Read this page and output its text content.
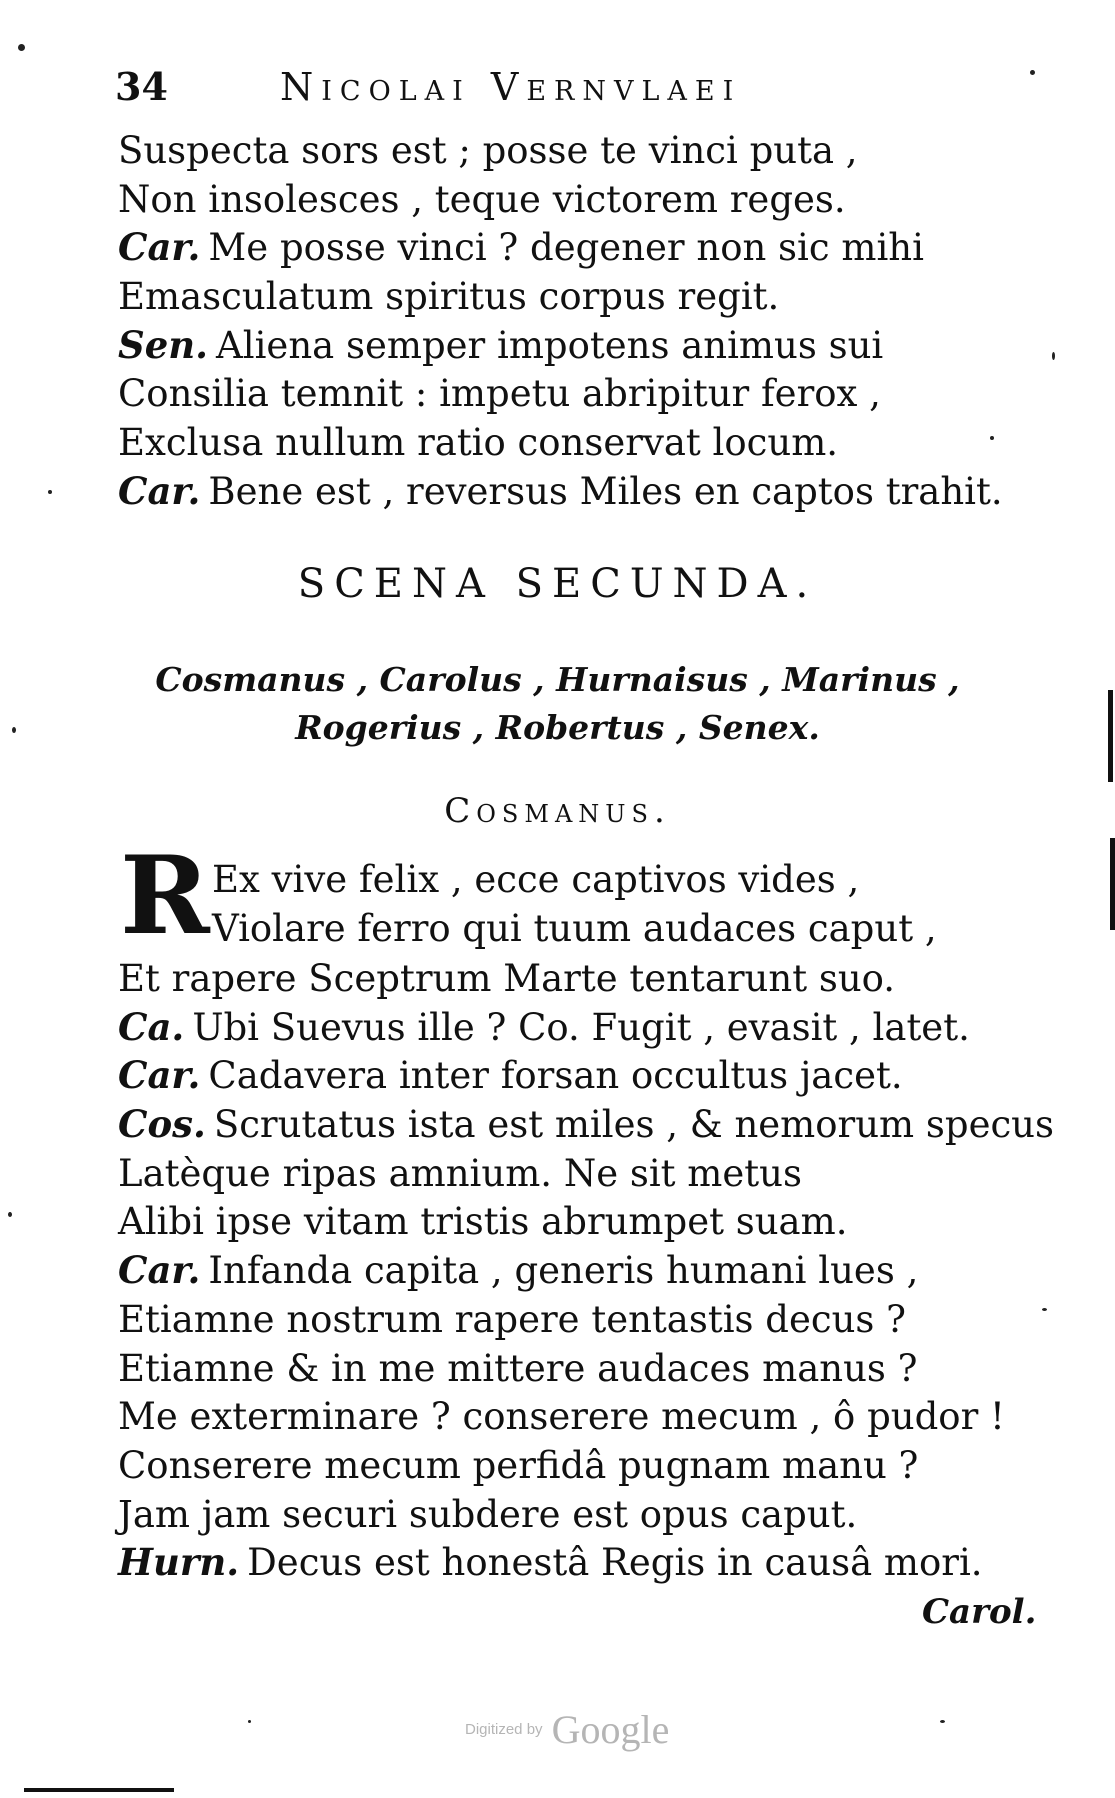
34	Nicolai Vernvlaei
Suspecta sors est ; posse te vinci puta ,
Non insolesces , teque victorem reges.
Car. Me posse vinci ? degener non sic mihi
Emasculatum spiritus corpus regit.
Sen. Aliena semper impotens animus sui
Consilia temnit : impetu abripitur ferox ,
Exclusa nullum ratio conservat locum.
Car. Bene est , reversus Miles en captos trahit.
SCENA SECUNDA.
Cosmanus , Carolus , Hurnaisus , Marinus ,
Rogerius , Robertus , Senex.
Cosmanus.
R Ex vive felix , ecce captivos vides ,
Violare ferro qui tuum audaces caput ,
Et rapere Sceptrum Marte tentarunt suo.
Ca. Ubi Suevus ille ? Co. Fugit , evasit , latet.
Car. Cadavera inter forsan occultus jacet.
Cos. Scrutatus ista est miles , & nemorum specus
Latèque ripas amnium. Ne sit metus
Alibi ipse vitam tristis abrumpet suam.
Car. Infanda capita , generis humani lues ,
Etiamne nostrum rapere tentastis decus ?
Etiamne & in me mittere audaces manus ?
Me exterminare ? conserere mecum , ô pudor !
Conserere mecum perfidâ pugnam manu ?
Jam jam securi subdere est opus caput.
Hurn. Decus est honestâ Regis in causâ mori.
Carol.
Digitized by Google
